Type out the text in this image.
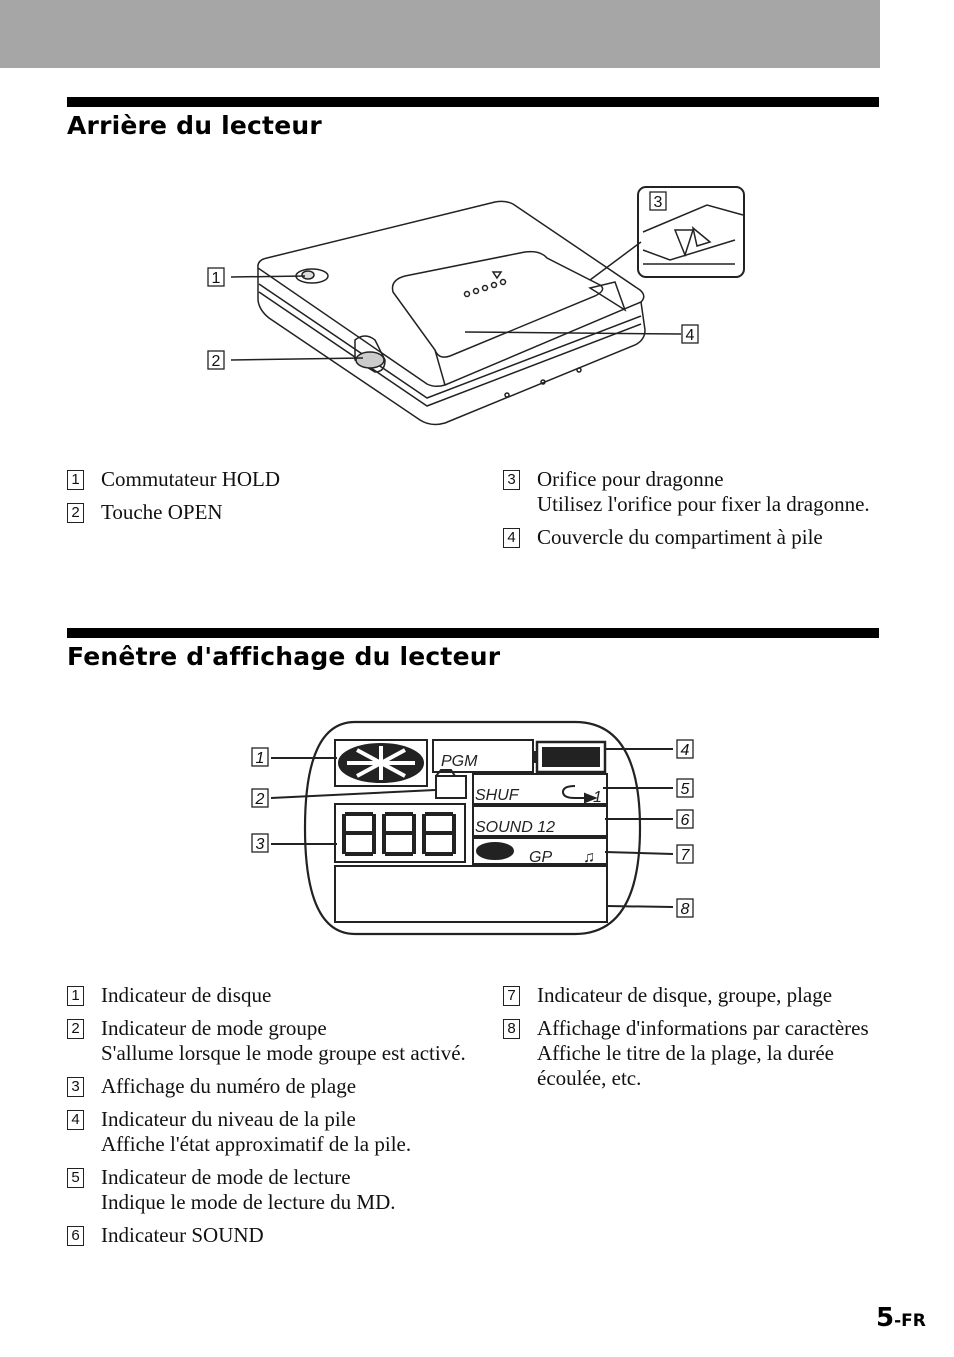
Arrière du lecteur
1
2
3
4
1 Commutateur HOLD
2 Touche OPEN
3 Orifice pour dragonne
Utilisez l'orifice pour fixer la dragonne.
4 Couvercle du compartiment à pile
Fenêtre d'affichage du lecteur
PGM
SHUF	1
SOUND 12
GP ♫
1
2
3
4
5
6
7
8
1 Indicateur de disque
2 Indicateur de mode groupe
S'allume lorsque le mode groupe est activé.
3 Affichage du numéro de plage
4 Indicateur du niveau de la pile
Affiche l'état approximatif de la pile.
5 Indicateur de mode de lecture
Indique le mode de lecture du MD.
6 Indicateur SOUND
7 Indicateur de disque, groupe, plage
8 Affichage d'informations par caractères
Affiche le titre de la plage, la durée écoulée, etc.
5-FR
